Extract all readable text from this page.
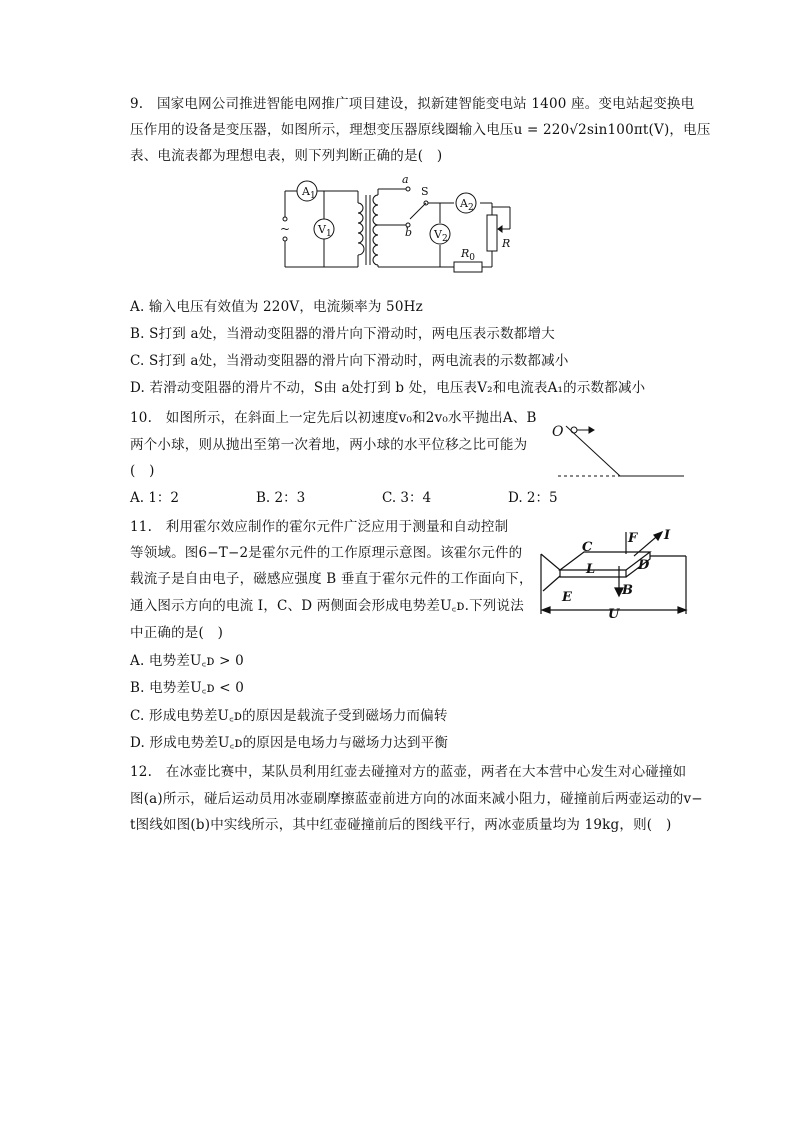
9.　国家电网公司推进智能电网推广项目建设，拟新建智能变电站 1400 座。变电站起变换电
压作用的设备是变压器，如图所示，理想变压器原线圈输入电压u = 220√2sin100πt(V)，电压
表、电流表都为理想电表，则下列判断正确的是(　)
$A_1$
$V_1$
$A_2$
$V_2$
~
a
b
S
R
$R_0$
A. 输入电压有效值为 220V，电流频率为 50Hz
B. S打到 a处，当滑动变阻器的滑片向下滑动时，两电压表示数都增大
C. S打到 a处，当滑动变阻器的滑片向下滑动时，两电流表的示数都减小
D. 若滑动变阻器的滑片不动，S由 a处打到 b 处，电压表V₂和电流表A₁的示数都减小
10.　如图所示，在斜面上一定先后以初速度v₀和2v₀水平抛出A、B
两个小球，则从抛出至第一次着地，两小球的水平位移之比可能为
(　)
O
A. 1：2	B. 2：3	C. 3：4	D. 2：5
11.　利用霍尔效应制作的霍尔元件广泛应用于测量和自动控制
等领域。图6−T−2是霍尔元件的工作原理示意图。该霍尔元件的
载流子是自由电子，磁感应强度 B 垂直于霍尔元件的工作面向下，
通入图示方向的电流 I，C、D 两侧面会形成电势差U꜀ᴅ.下列说法
中正确的是(　)
C
F I
L	D
B
E
U
A. 电势差U꜀ᴅ > 0
B. 电势差U꜀ᴅ < 0
C. 形成电势差U꜀ᴅ的原因是载流子受到磁场力而偏转
D. 形成电势差U꜀ᴅ的原因是电场力与磁场力达到平衡
12.　在冰壶比赛中，某队员利用红壶去碰撞对方的蓝壶，两者在大本营中心发生对心碰撞如
图(a)所示，碰后运动员用冰壶刷摩擦蓝壶前进方向的冰面来减小阻力，碰撞前后两壶运动的v−
t图线如图(b)中实线所示，其中红壶碰撞前后的图线平行，两冰壶质量均为 19kg，则(　)
